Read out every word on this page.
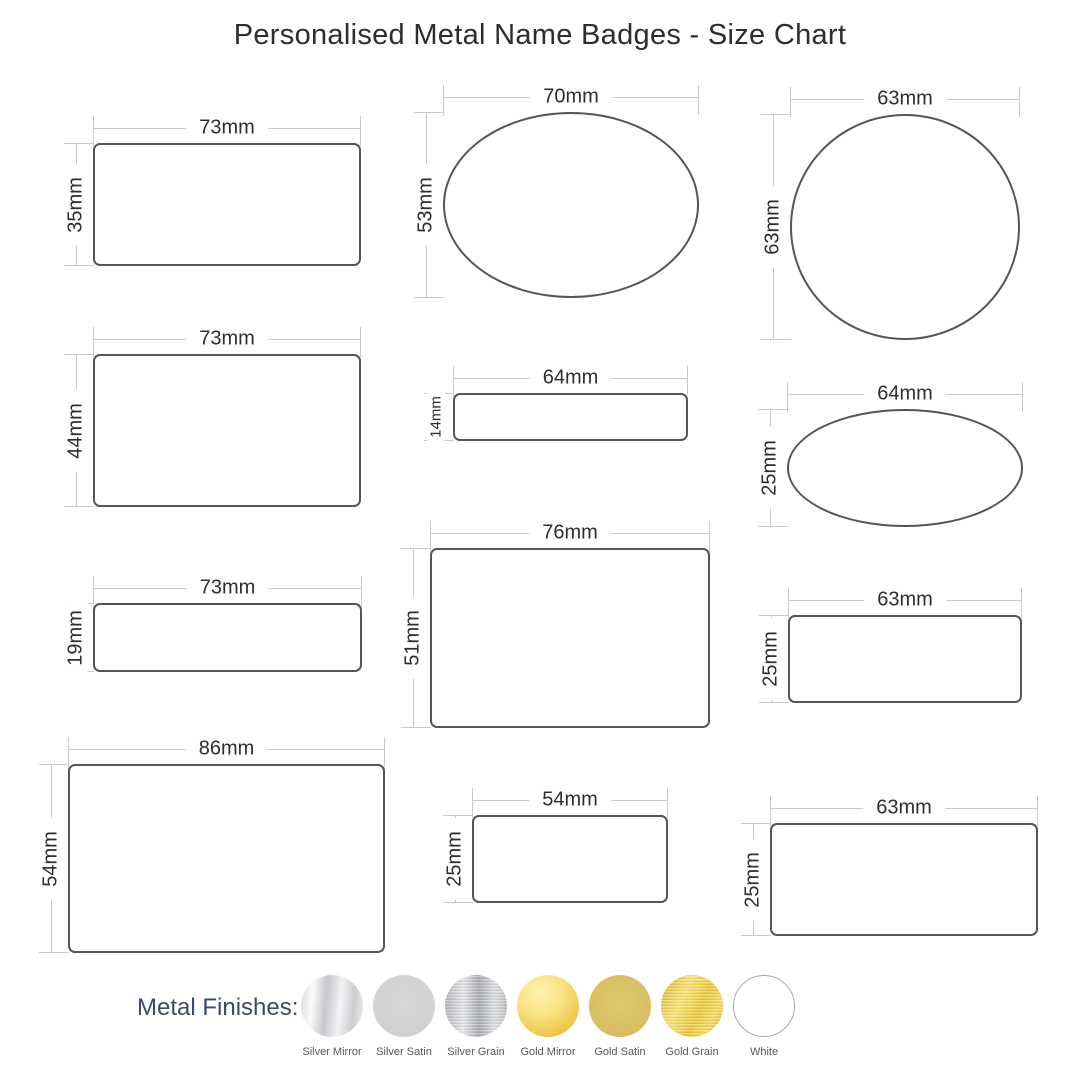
Personalised Metal Name Badges - Size Chart
73mm
35mm
73mm
44mm
73mm
19mm
86mm
54mm
70mm
53mm
64mm
14mm
76mm
51mm
54mm
25mm
63mm
63mm
64mm
25mm
63mm
25mm
63mm
25mm
Metal Finishes:
Silver Mirror Silver Satin Silver Grain Gold Mirror Gold Satin Gold Grain	White
